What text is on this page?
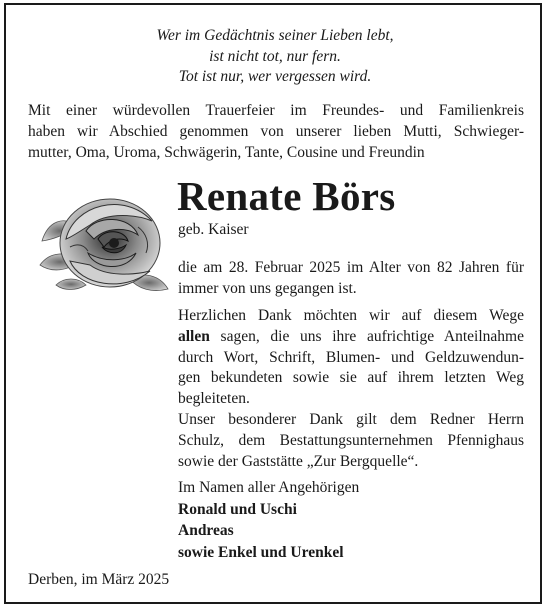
Wer im Gedächtnis seiner Lieben lebt,
ist nicht tot, nur fern.
Tot ist nur, wer vergessen wird.
Mit einer würdevollen Trauerfeier im Freundes- und Familienkreis
haben wir Abschied genommen von unserer lieben Mutti, Schwieger-
mutter, Oma, Uroma, Schwägerin, Tante, Cousine und Freundin
Renate Börs
geb. Kaiser
die am 28. Februar 2025 im Alter von 82 Jahren für
immer von uns gegangen ist.
Herzlichen Dank möchten wir auf diesem Wege
allen sagen, die uns ihre aufrichtige Anteilnahme
durch Wort, Schrift, Blumen- und Geldzuwendun-
gen bekundeten sowie sie auf ihrem letzten Weg
begleiteten.
Unser besonderer Dank gilt dem Redner Herrn
Schulz, dem Bestattungsunternehmen Pfennighaus
sowie der Gaststätte „Zur Bergquelle“.
Im Namen aller Angehörigen
Ronald und Uschi
Andreas
sowie Enkel und Urenkel
Derben, im März 2025
